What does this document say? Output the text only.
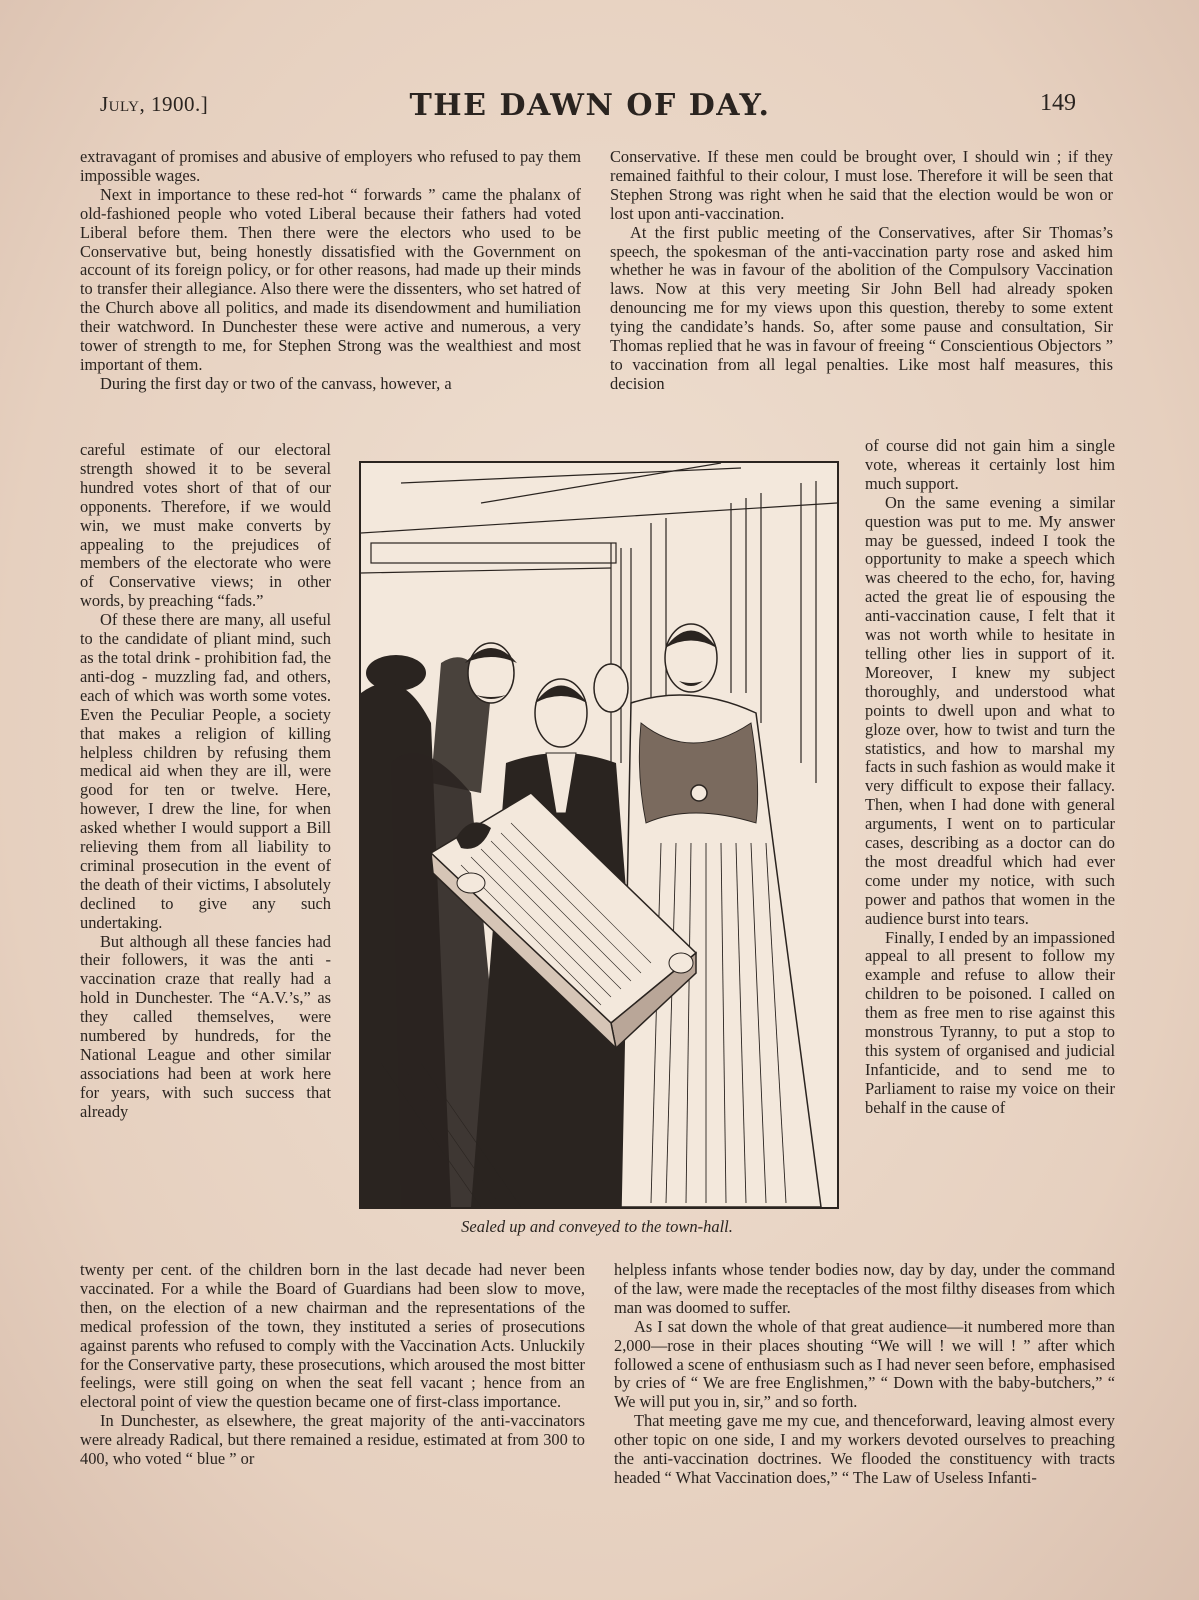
July, 1900.]	THE DAWN OF DAY.	149

extravagant of promises and abusive of employers who refused to pay them impossible wages.

Next in importance to these red-hot “ forwards ” came the phalanx of old-fashioned people who voted Liberal because their fathers had voted Liberal before them. Then there were the electors who used to be Conservative but, being honestly dissatisfied with the Government on account of its foreign policy, or for other reasons, had made up their minds to transfer their allegiance. Also there were the dissenters, who set hatred of the Church above all politics, and made its disendowment and humiliation their watchword. In Dunchester these were active and numerous, a very tower of strength to me, for Stephen Strong was the wealthiest and most important of them.

During the first day or two of the canvass, however, a

Conservative. If these men could be brought over, I should win ; if they remained faithful to their colour, I must lose. Therefore it will be seen that Stephen Strong was right when he said that the election would be won or lost upon anti-vaccination.

At the first public meeting of the Conservatives, after Sir Thomas’s speech, the spokesman of the anti-vaccination party rose and asked him whether he was in favour of the abolition of the Compulsory Vaccination laws. Now at this very meeting Sir John Bell had already spoken denouncing me for my views upon this question, thereby to some extent tying the candidate’s hands. So, after some pause and consultation, Sir Thomas replied that he was in favour of freeing “ Conscientious Objectors ” to vaccination from all legal penalties. Like most half measures, this decision

careful estimate of our electoral strength showed it to be several hundred votes short of that of our opponents. Therefore, if we would win, we must make converts by appealing to the prejudices of members of the electorate who were of Conservative views; in other words, by preaching “fads.”

Of these there are many, all useful to the candidate of pliant mind, such as the total drink - prohibition fad, the anti-dog - muzzling fad, and others, each of which was worth some votes. Even the Peculiar People, a society that makes a religion of killing helpless children by refusing them medical aid when they are ill, were good for ten or twelve. Here, however, I drew the line, for when asked whether I would support a Bill relieving them from all liability to criminal prosecution in the event of the death of their victims, I absolutely declined to give any such undertaking.

But although all these fancies had their followers, it was the anti - vaccination craze that really had a hold in Dunchester. The “A.V.’s,” as they called themselves, were numbered by hundreds, for the National League and other similar associations had been at work here for years, with such success that already

of course did not gain him a single vote, whereas it certainly lost him much support.

On the same evening a similar question was put to me. My answer may be guessed, indeed I took the opportunity to make a speech which was cheered to the echo, for, having acted the great lie of espousing the anti-vaccination cause, I felt that it was not worth while to hesitate in telling other lies in support of it. Moreover, I knew my subject thoroughly, and understood what points to dwell upon and what to gloze over, how to twist and turn the statistics, and how to marshal my facts in such fashion as would make it very difficult to expose their fallacy. Then, when I had done with general arguments, I went on to particular cases, describing as a doctor can do the most dreadful which had ever come under my notice, with such power and pathos that women in the audience burst into tears.

Finally, I ended by an impassioned appeal to all present to follow my example and refuse to allow their children to be poisoned. I called on them as free men to rise against this monstrous Tyranny, to put a stop to this system of organised and judicial Infanticide, and to send me to Parliament to raise my voice on their behalf in the cause of

Sealed up and conveyed to the town-hall.

twenty per cent. of the children born in the last decade had never been vaccinated. For a while the Board of Guardians had been slow to move, then, on the election of a new chairman and the representations of the medical profession of the town, they instituted a series of prosecutions against parents who refused to comply with the Vaccination Acts. Unluckily for the Conservative party, these prosecutions, which aroused the most bitter feelings, were still going on when the seat fell vacant ; hence from an electoral point of view the question became one of first-class importance.

In Dunchester, as elsewhere, the great majority of the anti-vaccinators were already Radical, but there remained a residue, estimated at from 300 to 400, who voted “ blue ” or

helpless infants whose tender bodies now, day by day, under the command of the law, were made the receptacles of the most filthy diseases from which man was doomed to suffer.

As I sat down the whole of that great audience—it numbered more than 2,000—rose in their places shouting “We will ! we will ! ” after which followed a scene of enthusiasm such as I had never seen before, emphasised by cries of “ We are free Englishmen,” “ Down with the baby-butchers,” “ We will put you in, sir,” and so forth.

That meeting gave me my cue, and thenceforward, leaving almost every other topic on one side, I and my workers devoted ourselves to preaching the anti-vaccination doctrines. We flooded the constituency with tracts headed “ What Vaccination does,” “ The Law of Useless Infanti-
